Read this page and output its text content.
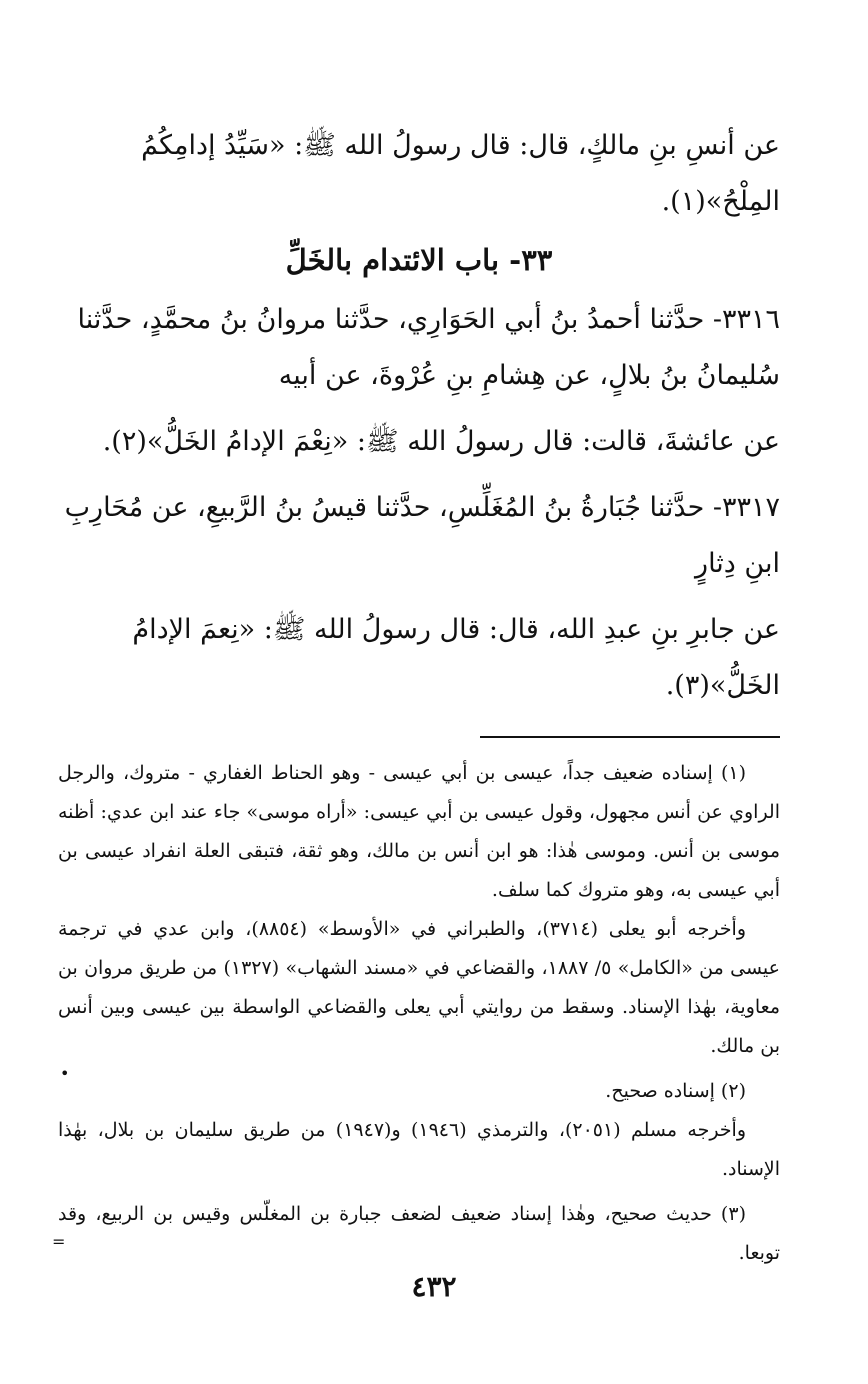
عن أنسِ بنِ مالكٍ، قال: قال رسولُ الله ﷺ: «سَيِّدُ إدامِكُمُ

المِلْحُ»(١).

٣٣- باب الائتدام بالخَلِّ

٣٣١٦- حدَّثنا أحمدُ بنُ أبي الحَوَارِي، حدَّثنا مروانُ بنُ محمَّدٍ، حدَّثنا

سُليمانُ بنُ بلالٍ، عن هِشامِ بنِ عُرْوةَ، عن أبيه

عن عائشةَ، قالت: قال رسولُ الله ﷺ: «نِعْمَ الإدامُ الخَلُّ»(٢).

٣٣١٧- حدَّثنا جُبَارةُ بنُ المُغَلِّسِ، حدَّثنا قيسُ بنُ الرَّبيعِ، عن مُحَارِبِ

ابنِ دِثارٍ

عن جابرِ بنِ عبدِ الله، قال: قال رسولُ الله ﷺ: «نِعمَ الإدامُ

الخَلُّ»(٣).

(١) إسناده ضعيف جداً، عيسى بن أبي عيسى - وهو الحناط الغفاري - متروك، والرجل الراوي عن أنس مجهول، وقول عيسى بن أبي عيسى: «أراه موسى» جاء عند ابن عدي: أظنه موسى بن أنس. وموسى هٰذا: هو ابن أنس بن مالك، وهو ثقة، فتبقى العلة انفراد عيسى بن أبي عيسى به، وهو متروك كما سلف.

وأخرجه أبو يعلى (٣٧١٤)، والطبراني في «الأوسط» (٨٨٥٤)، وابن عدي في ترجمة عيسى من «الكامل» ٥/ ١٨٨٧، والقضاعي في «مسند الشهاب» (١٣٢٧) من طريق مروان بن معاوية، بهٰذا الإسناد. وسقط من روايتي أبي يعلى والقضاعي الواسطة بين عيسى وبين أنس بن مالك.

(٢) إسناده صحيح.

وأخرجه مسلم (٢٠٥١)، والترمذي (١٩٤٦) و(١٩٤٧) من طريق سليمان بن بلال، بهٰذا الإسناد.

(٣) حديث صحيح، وهٰذا إسناد ضعيف لضعف جبارة بن المغلّس وقيس بن الربيع، وقد توبعا.

•
=
٤٣٢
